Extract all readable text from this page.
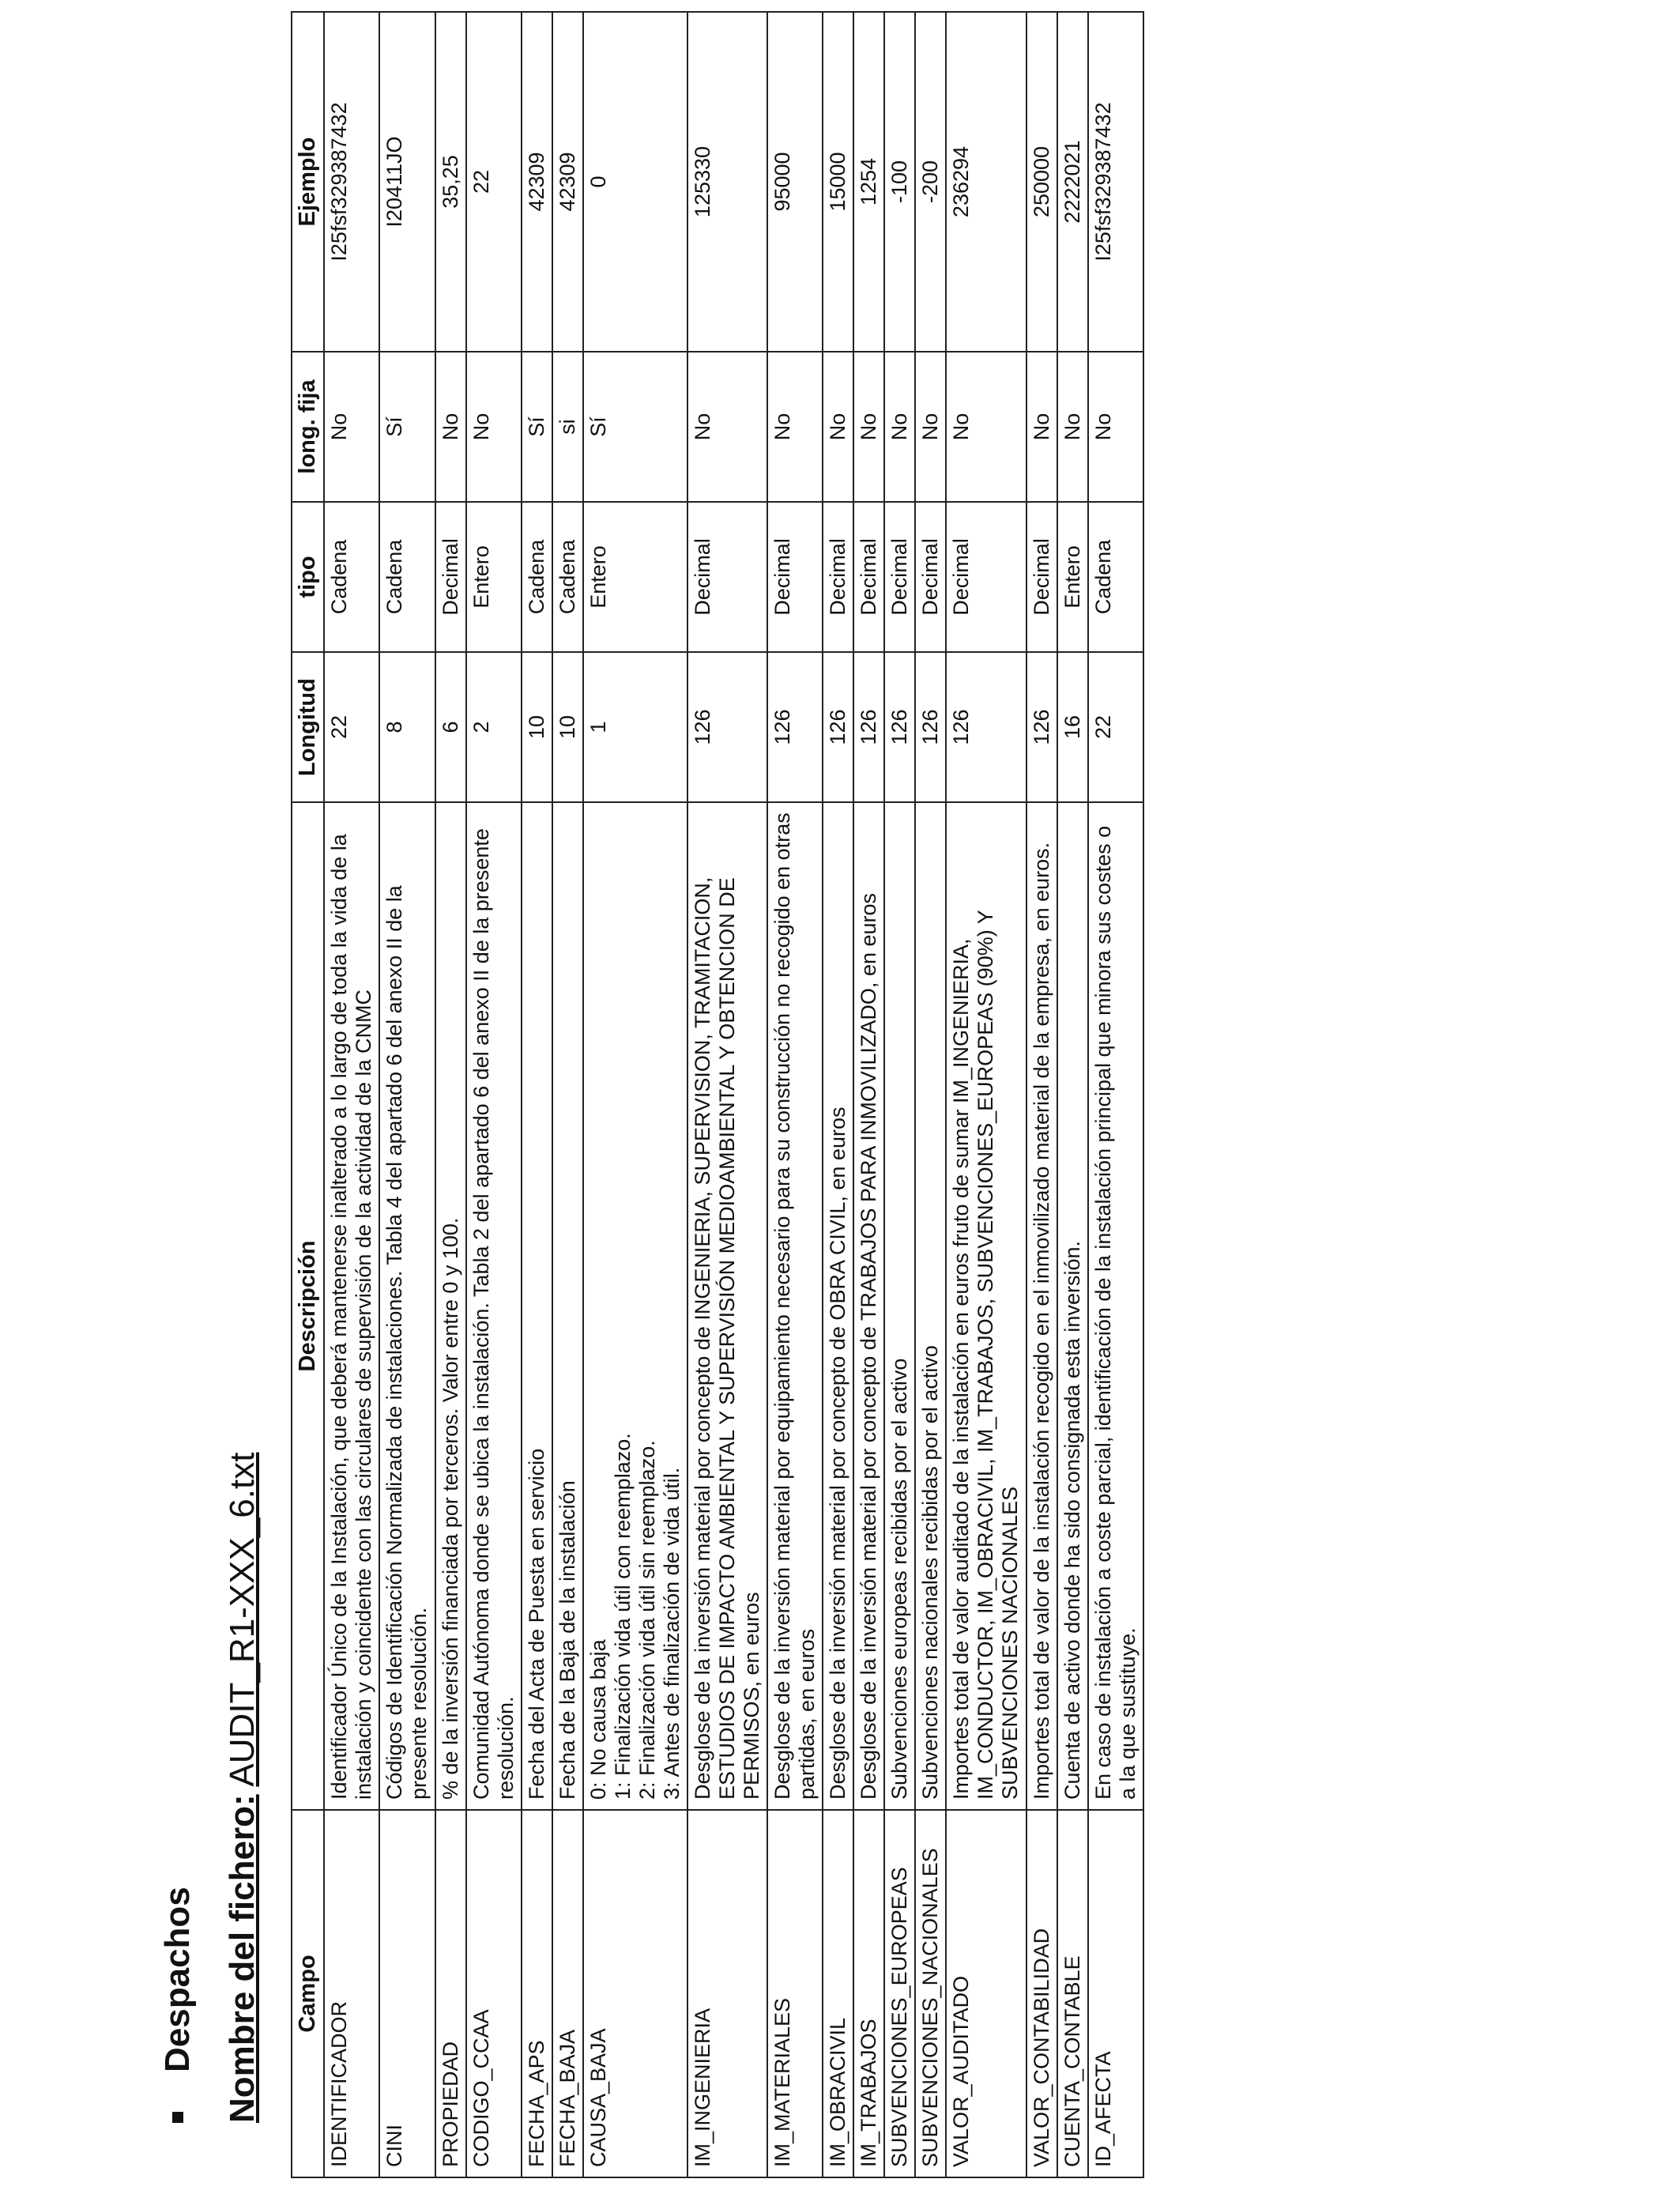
Despachos Nombre del fichero: AUDIT_R1-XXX_6.txt

Campo	Descripción	Longitud	tipo	long. fija	Ejemplo
IDENTIFICADOR	Identificador Único de la Instalación, que deberá mantenerse inalterado a lo largo de toda la vida de la instalación y coincidente con las circulares de supervisión de la actividad de la CNMC	22	Cadena	No	I25fsf329387432
CINI	Códigos de Identificación Normalizada de instalaciones. Tabla 4 del apartado 6 del anexo II de la presente resolución.	8	Cadena	Sí	I20411JO
PROPIEDAD	% de la inversión financiada por terceros. Valor entre 0 y 100.	6	Decimal	No	35,25
CODIGO_CCAA	Comunidad Autónoma donde se ubica la instalación. Tabla 2 del apartado 6 del anexo II de la presente resolución.	2	Entero	No	22
FECHA_APS	Fecha del Acta de Puesta en servicio	10	Cadena	Sí	42309
FECHA_BAJA	Fecha de la Baja de la instalación	10	Cadena	si	42309
CAUSA_BAJA	0: No causa baja
1: Finalización vida útil con reemplazo.
2: Finalización vida útil sin reemplazo.
3: Antes de finalización de vida útil.	1	Entero	Sí	0
IM_INGENIERIA	Desglose de la inversión material por concepto de INGENIERIA, SUPERVISION, TRAMITACION, ESTUDIOS DE IMPACTO AMBIENTAL Y SUPERVISIÓN MEDIOAMBIENTAL Y OBTENCION DE PERMISOS, en euros	126	Decimal	No	125330
IM_MATERIALES	Desglose de la inversión material por equipamiento necesario para su construcción no recogido en otras partidas, en euros	126	Decimal	No	95000
IM_OBRACIVIL	Desglose de la inversión material por concepto de OBRA CIVIL, en euros	126	Decimal	No	15000
IM_TRABAJOS	Desglose de la inversión material por concepto de TRABAJOS PARA INMOVILIZADO, en euros	126	Decimal	No	1254
SUBVENCIONES_EUROPEAS	Subvenciones europeas recibidas por el activo	126	Decimal	No	-100
SUBVENCIONES_NACIONALES	Subvenciones nacionales recibidas por el activo	126	Decimal	No	-200
VALOR_AUDITADO	Importes total de valor auditado de la instalación en euros fruto de sumar IM_INGENIERIA, IM_CONDUCTOR, IM_OBRACIVIL, IM_TRABAJOS, SUBVENCIONES_EUROPEAS (90%) Y SUBVENCIONES NACIONALES	126	Decimal	No	236294
VALOR_CONTABILIDAD	Importes total de valor de la instalación recogido en el inmovilizado material de la empresa, en euros.	126	Decimal	No	250000
CUENTA_CONTABLE	Cuenta de activo donde ha sido consignada esta inversión.	16	Entero	No	2222021
ID_AFECTA	En caso de instalación a coste parcial, identificación de la instalación principal que minora sus costes o a la que sustituye.	22	Cadena	No	I25fsf329387432
